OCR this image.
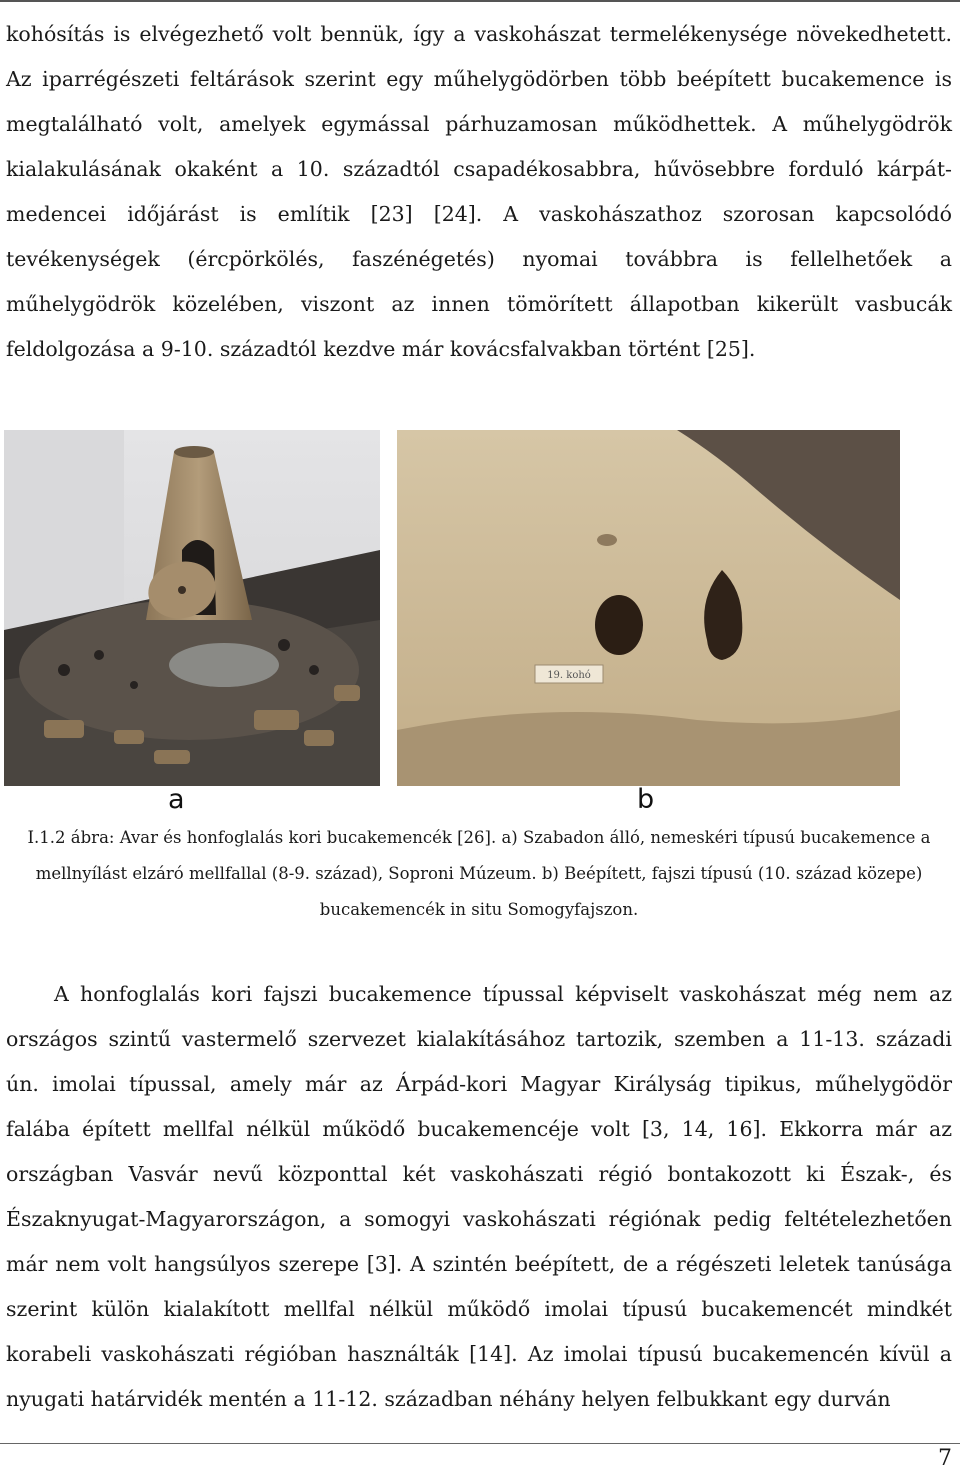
kohósítás is elvégezhető volt bennük, így a vaskohászat termelékenysége növekedhetett. Az iparrégészeti feltárások szerint egy műhelygödörben több beépített bucakemence is megtalálható volt, amelyek egymással párhuzamosan működhettek. A műhelygödrök kialakulásának okaként a 10. századtól csapadékosabbra, hűvösebbre forduló kárpát-medencei időjárást is említik [23] [24]. A vaskohászathoz szorosan kapcsolódó tevékenységek (ércpörkölés, faszénégetés) nyomai továbbra is fellelhetőek a műhelygödrök közelében, viszont az innen tömörített állapotban kikerült vasbucák feldolgozása a 9-10. századtól kezdve már kovácsfalvakban történt [25].

19. kohó
a	b

I.1.2 ábra: Avar és honfoglalás kori bucakemencék [26]. a) Szabadon álló, nemeskéri típusú bucakemence a mellnyílást elzáró mellfallal (8-9. század), Soproni Múzeum. b) Beépített, fajszi típusú (10. század közepe) bucakemencék in situ Somogyfajszon.

A honfoglalás kori fajszi bucakemence típussal képviselt vaskohászat még nem az országos szintű vastermelő szervezet kialakításához tartozik, szemben a 11-13. századi ún. imolai típussal, amely már az Árpád-kori Magyar Királyság tipikus, műhelygödör falába épített mellfal nélkül működő bucakemencéje volt [3, 14, 16]. Ekkorra már az országban Vasvár nevű központtal két vaskohászati régió bontakozott ki Észak-, és Északnyugat-Magyarországon, a somogyi vaskohászati régiónak pedig feltételezhetően már nem volt hangsúlyos szerepe [3]. A szintén beépített, de a régészeti leletek tanúsága szerint külön kialakított mellfal nélkül működő imolai típusú bucakemencét mindkét korabeli vaskohászati régióban használták [14]. Az imolai típusú bucakemencén kívül a nyugati határvidék mentén a 11-12. században néhány helyen felbukkant egy durván

7
